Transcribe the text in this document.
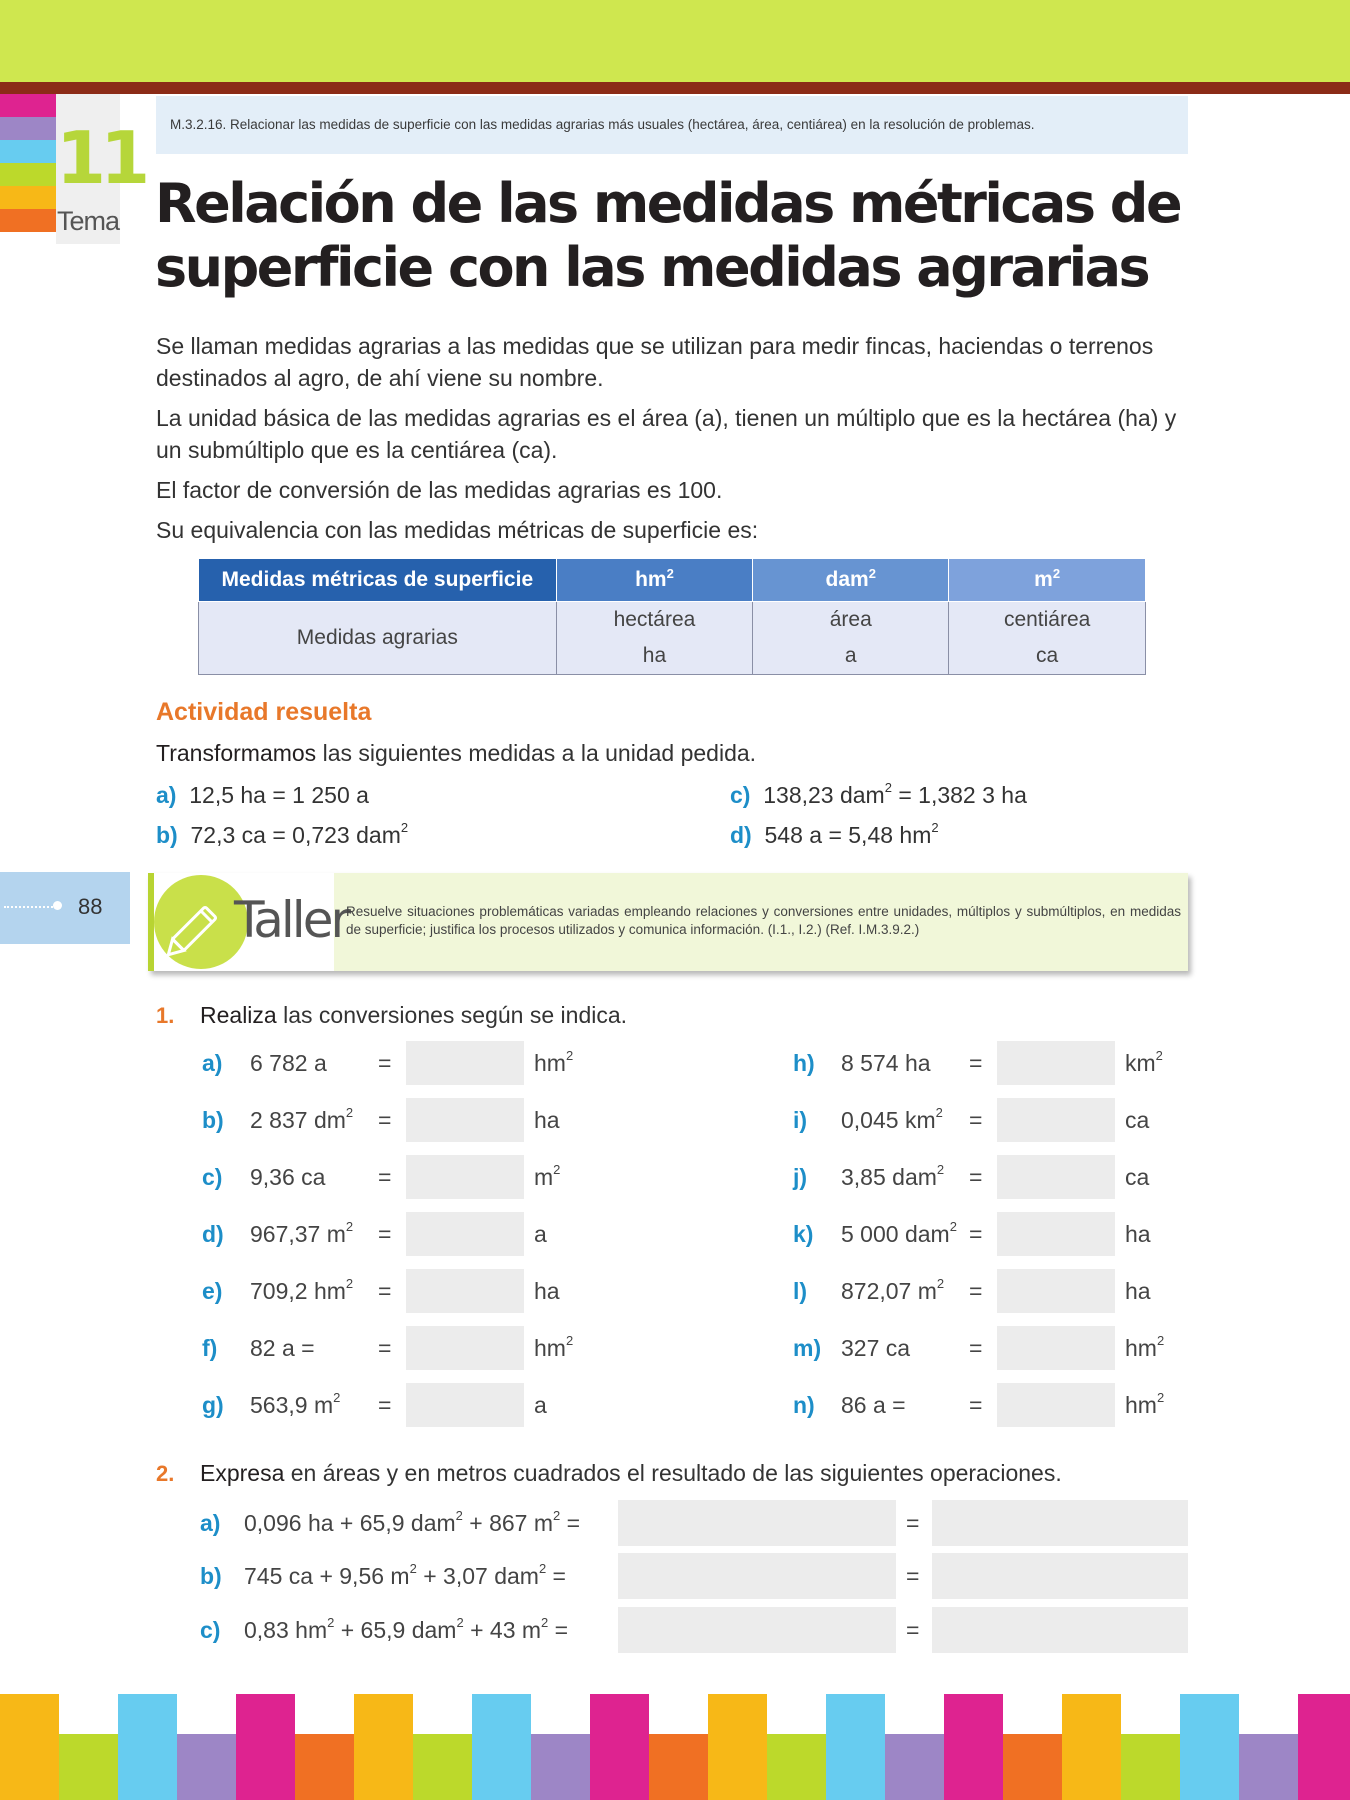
11
Tema
M.3.2.16. Relacionar las medidas de superficie con las medidas agrarias más usuales (hectárea, área, centiárea) en la resolución de problemas.
Relación de las medidas métricas de superficie con las medidas agrarias

Se llaman medidas agrarias a las medidas que se utilizan para medir fincas, haciendas o terrenos destinados al agro, de ahí viene su nombre.

La unidad básica de las medidas agrarias es el área (a), tienen un múltiplo que es la hectárea (ha) y un submúltiplo que es la centiárea (ca).

El factor de conversión de las medidas agrarias es 100.

Su equivalencia con las medidas métricas de superficie es:

Medidas métricas de superficie	$hm^2$	dam$^2$	$m^2$
Medidas agrarias	hectárea	área	centiárea
	ha	a	ca
Actividad resuelta
Transformamos las siguientes medidas a la unidad pedida.
a) 12,5 ha = 1 250 a
b) 72,3 ca = 0,723 dam$^2$
c) 138,23 dam$^2$ = 1,382 3 ha
d) 548 a = 5,48 $hm^2$
88	Taller
Resuelve situaciones problemáticas variadas empleando relaciones y conversiones entre unidades, múltiplos y submúltiplos, en medidas de superficie; justifica los procesos utilizados y comunica información. (I.1., I.2.) (Ref. I.M.3.9.2.)
1. Realiza las conversiones según se indica.
a) 6 782 a =	$hm^2$
b) 2 837 $dm^2$ =	ha
c) 9,36 ca =	$m^2$
d) 967,37 $m^2$ =	a
e) 709,2 $hm^2$ =	ha
f) 82 a =	=	$hm^2$
g) 563,9 $m^2$ =	a
h) 8 574 ha =	$km^2$
i) 0,045 $km^2$ =	ca
j) 3,85 dam$^2$ =	ca
k) 5 000 dam$^2$ =	ha
l) 872,07 $m^2$ =	ha
m) 327 ca	=	$hm^2$
n) 86 a =	=	$hm^2$
2. Expresa en áreas y en metros cuadrados el resultado de las siguientes operaciones.
a) 0,096 ha + 65,9 dam$^2$ + 867 $m^2$ =	=
b) 745 ca + 9,56 $m^2 + 3,07$ dam$^2$ =	=
c) 0,83 $hm^2 + 65,9$ dam$^2$ + 43 $m^2$ =	=
